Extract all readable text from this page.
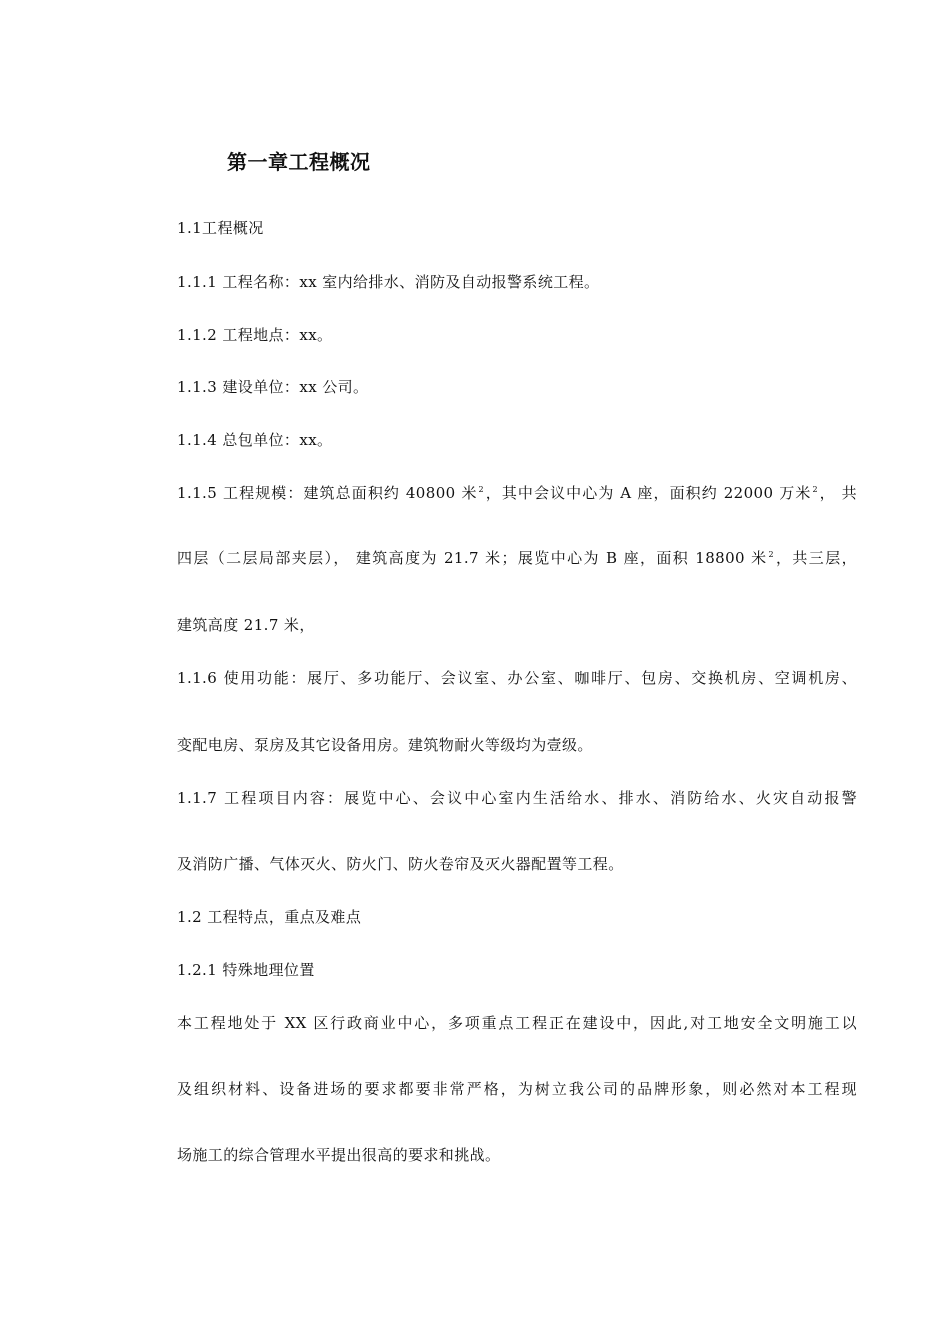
第一章工程概况

1.1工程概况

1.1.1 工程名称：xx 室内给排水、消防及自动报警系统工程。

1.1.2 工程地点：xx。

1.1.3 建设单位：xx 公司。

1.1.4 总包单位：xx。

1.1.5 工程规模：建筑总面积约 40800 米$^2$，其中会议中心为 A 座，面积约 22000 万米$^2$， 共

四层（二层局部夹层）， 建筑高度为 21.7 米；展览中心为 B 座，面积 18800 米$^2$，共三层，

建筑高度 21.7 米，

1.1.6 使用功能：展厅、多功能厅、会议室、办公室、咖啡厅、包房、交换机房、空调机房、

变配电房、泵房及其它设备用房。建筑物耐火等级均为壹级。

1.1.7 工程项目内容：展览中心、会议中心室内生活给水、排水、消防给水、火灾自动报警

及消防广播、气体灭火、防火门、防火卷帘及灭火器配置等工程。

1.2 工程特点，重点及难点

1.2.1 特殊地理位置

本工程地处于 XX 区行政商业中心，多项重点工程正在建设中，因此,对工地安全文明施工以

及组织材料、设备进场的要求都要非常严格，为树立我公司的品牌形象，则必然对本工程现

场施工的综合管理水平提出很高的要求和挑战。
